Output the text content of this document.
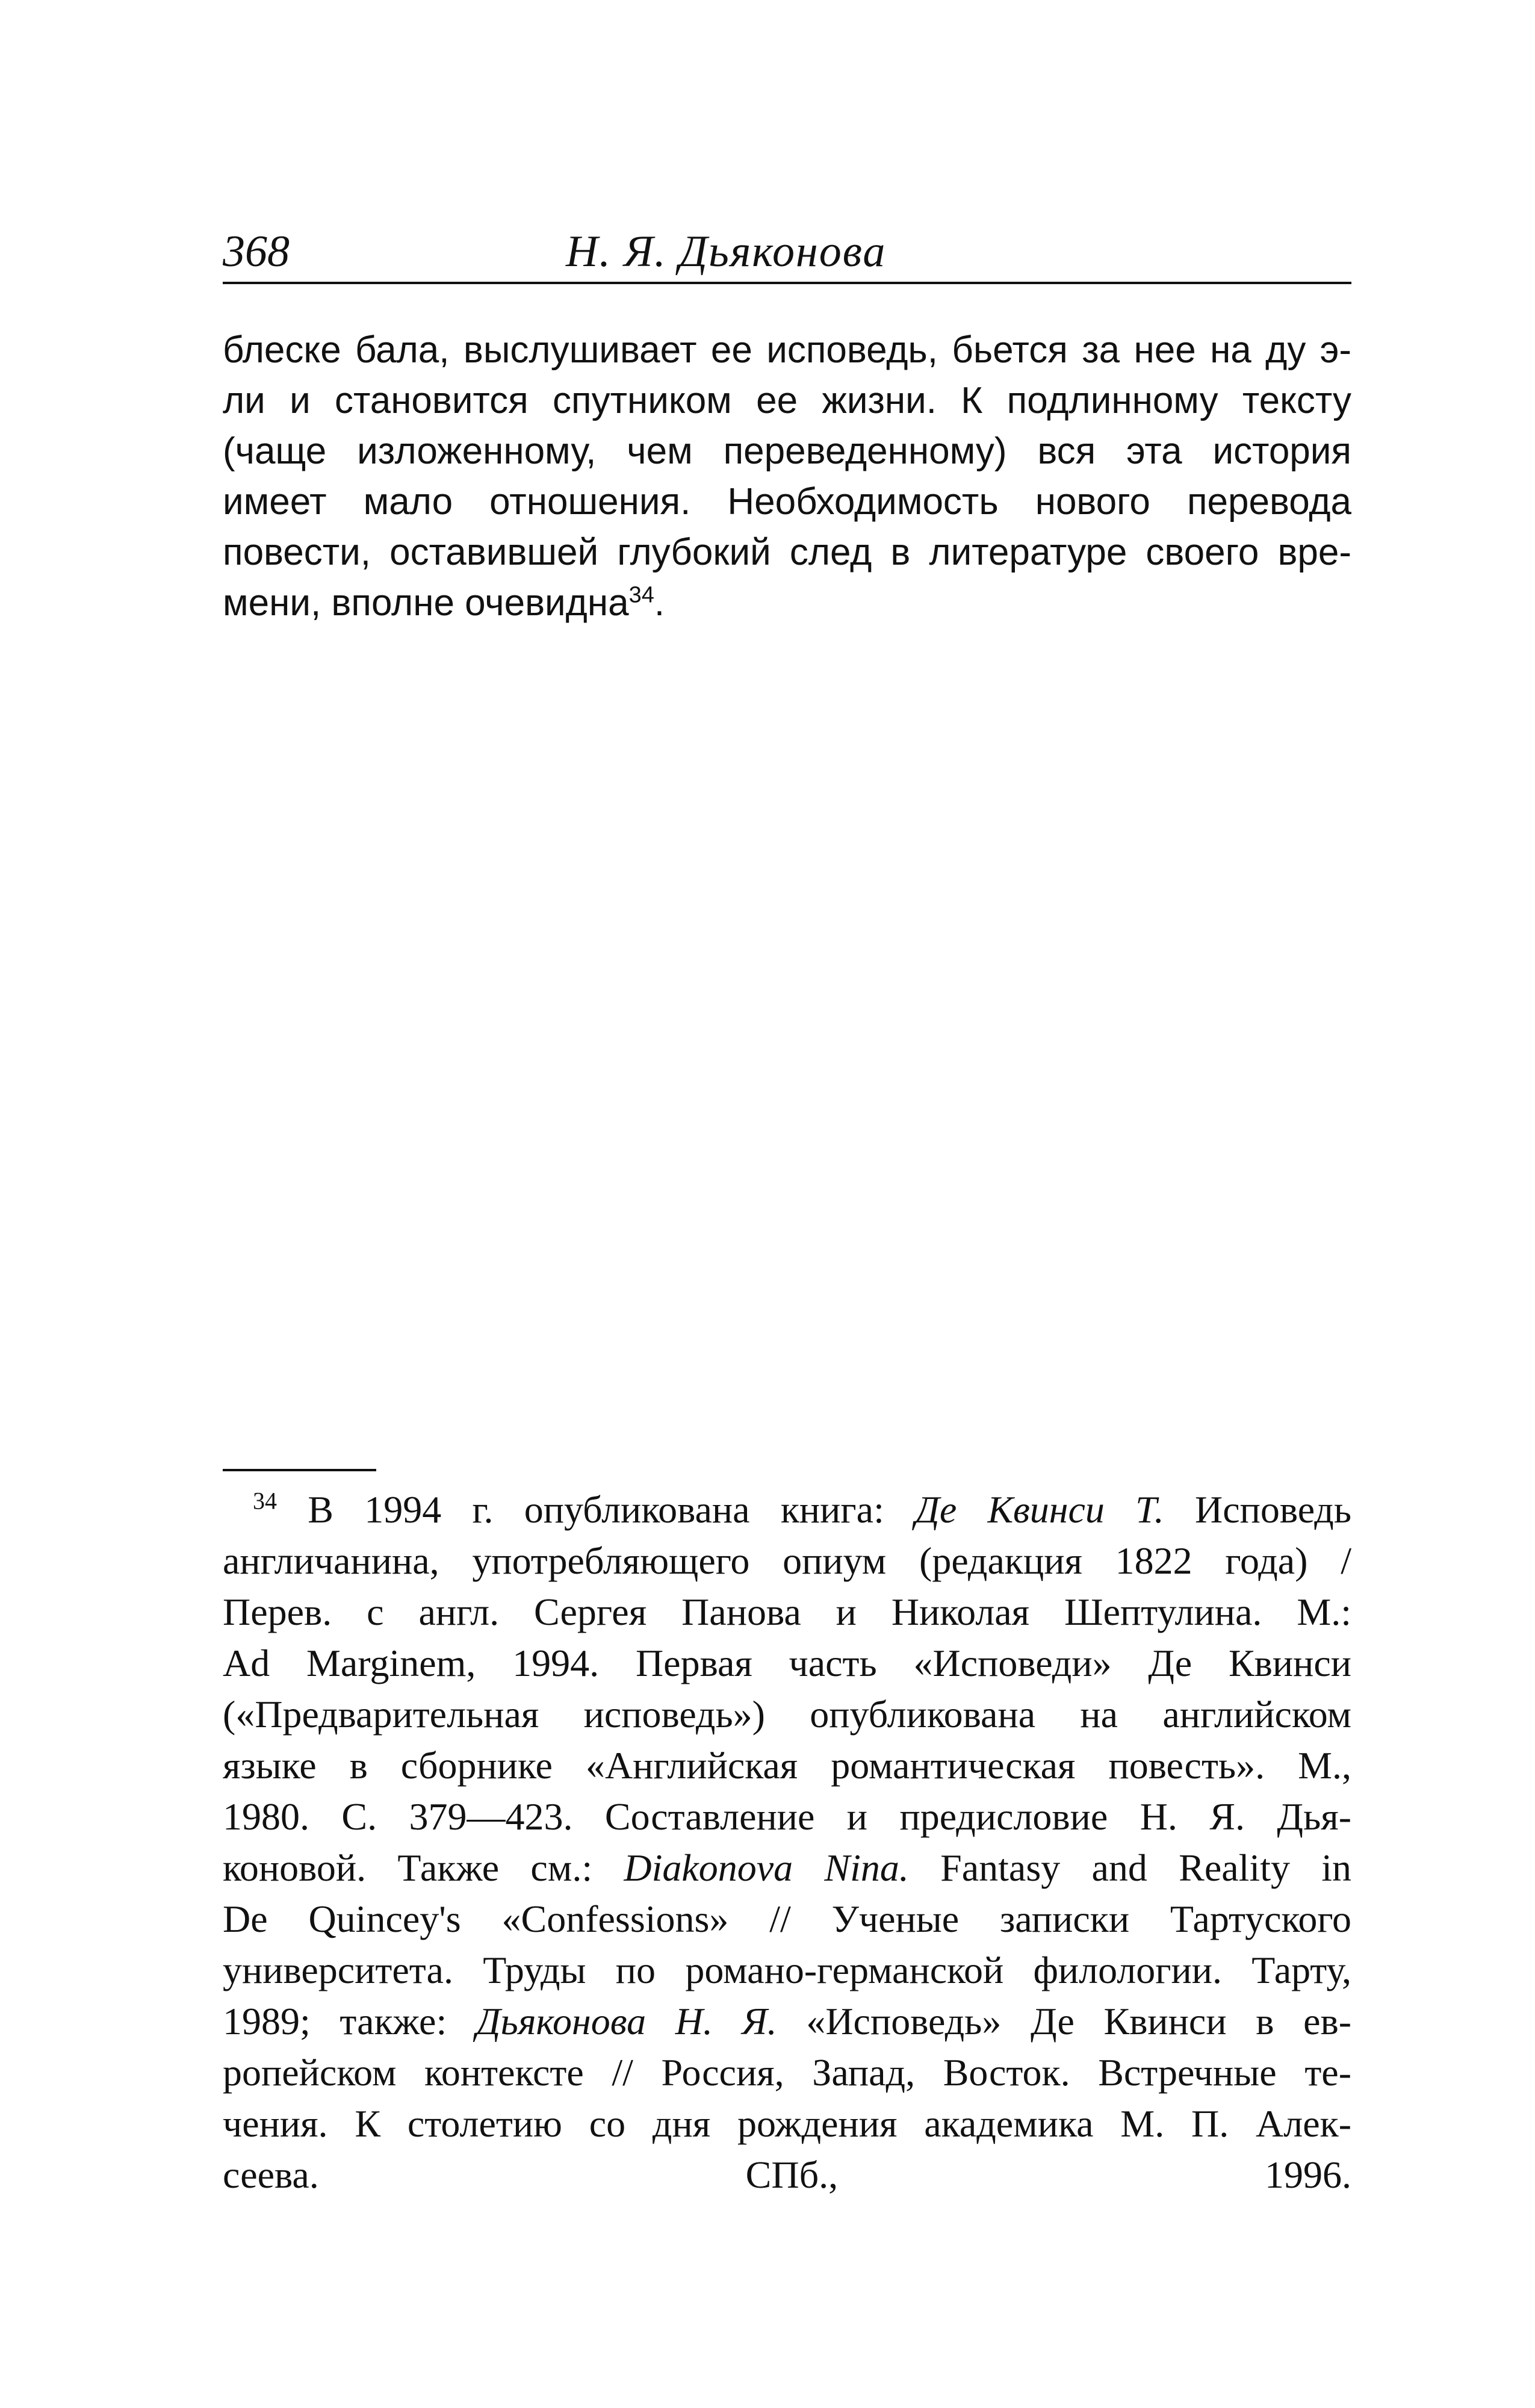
368	Н. Я. Дьяконова
блеске бала, выслушивает ее исповедь, бьется за нее на ду э-
ли и становится спутником ее жизни. К подлинному тексту
(чаще изложенному, чем переведенному) вся эта история
имеет мало отношения. Необходимость нового перевода
повести, оставившей глубокий след в литературе своего вре-
мени, вполне очевидна$^{34}$.
$^{34}$ В 1994 г. опубликована книга: Де Квинси Т. Исповедь
англичанина, употребляющего опиум (редакция 1822 года) /
Перев. с англ. Сергея Панова и Николая Шептулина. М.:
Ad Marginem, 1994. Первая часть «Исповеди» Де Квинси
(«Предварительная исповедь») опубликована на английском
языке в сборнике «Английская романтическая повесть». М.,
1980. С. 379—423. Составление и предисловие Н. Я. Дья-
коновой. Также см.: Diakonova Nina. Fantasy and Reality in
De Quincey's «Confessions» // Ученые записки Тартуского
университета. Труды по романо-германской филологии. Тарту,
1989; также: Дьяконова Н. Я. «Исповедь» Де Квинси в ев-
ропейском контексте // Россия, Запад, Восток. Встречные те-
чения. К столетию со дня рождения академика М. П. Алек-
сеева. СПб., 1996.
